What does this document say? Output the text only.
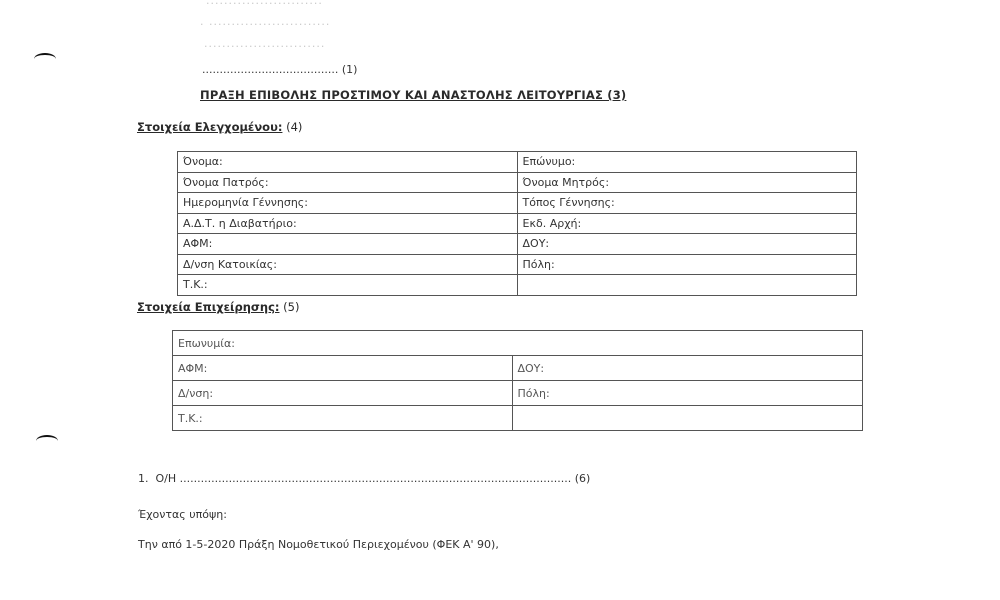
..........................
. ...........................
...........................
....................................... (1)
ΠΡΑΞΗ ΕΠΙΒΟΛΗΣ ΠΡΟΣΤΙΜΟΥ ΚΑΙ ΑΝΑΣΤΟΛΗΣ ΛΕΙΤΟΥΡΓΙΑΣ (3)
Στοιχεία Ελεγχομένου: (4)
Όνομα:	Επώνυμο:
Όνομα Πατρός:	Όνομα Μητρός:
Ημερομηνία Γέννησης:	Τόπος Γέννησης:
Α.Δ.Τ. η Διαβατήριο:	Εκδ. Αρχή:
ΑΦΜ:	ΔΟΥ:
Δ/νση Κατοικίας:	Πόλη:
Τ.Κ.:	
Στοιχεία Επιχείρησης: (5)
Επωνυμία:	
ΑΦΜ:	ΔΟΥ:
Δ/νση:	Πόλη:
Τ.Κ.:	
1. Ο/Η ................................................................................................................ (6)
Έχοντας υπόψη:
Την από 1-5-2020 Πράξη Νομοθετικού Περιεχομένου (ΦΕΚ Α' 90),
